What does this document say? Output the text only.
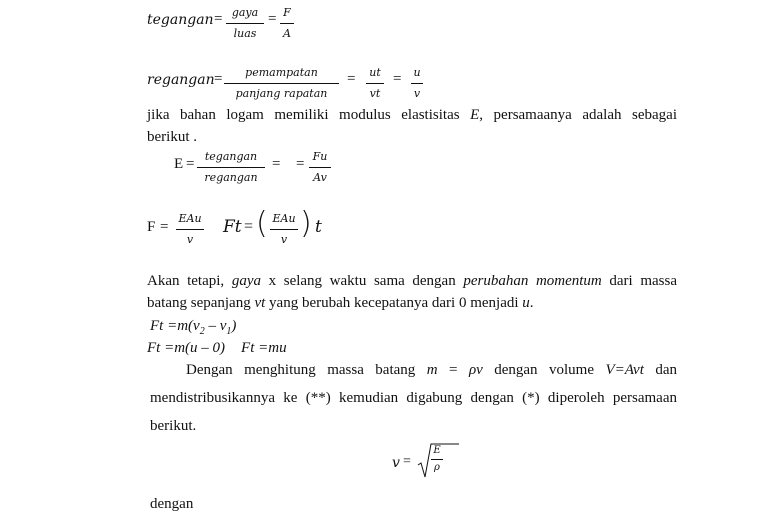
tegangan = gaya
luas
= F
A
regangan =	pemampatan
panjang rapatan
= ut
vt
= u
v
jika bahan logam memiliki modulus elastisitas E, persamaanya adalah sebagai
berikut .
E = tegangan
regangan
= = Fu
Av
F =
EAu
v
Ft = ( EAu
v ) t
Akan tetapi, gaya x selang waktu sama dengan perubahan momentum dari massa
batang sepanjang vt yang berubah kecepatanya dari 0 menjadi u.
$Ft =m(v_2 - v_1)$
Ft =m(u – 0) Ft =mu
Dengan menghitung massa batang m = ρv dengan volume V=Avt dan
mendistribusikannya ke (**) kemudian digabung dengan (*) diperoleh persamaan
berikut.
v =
E
ρ
dengan
